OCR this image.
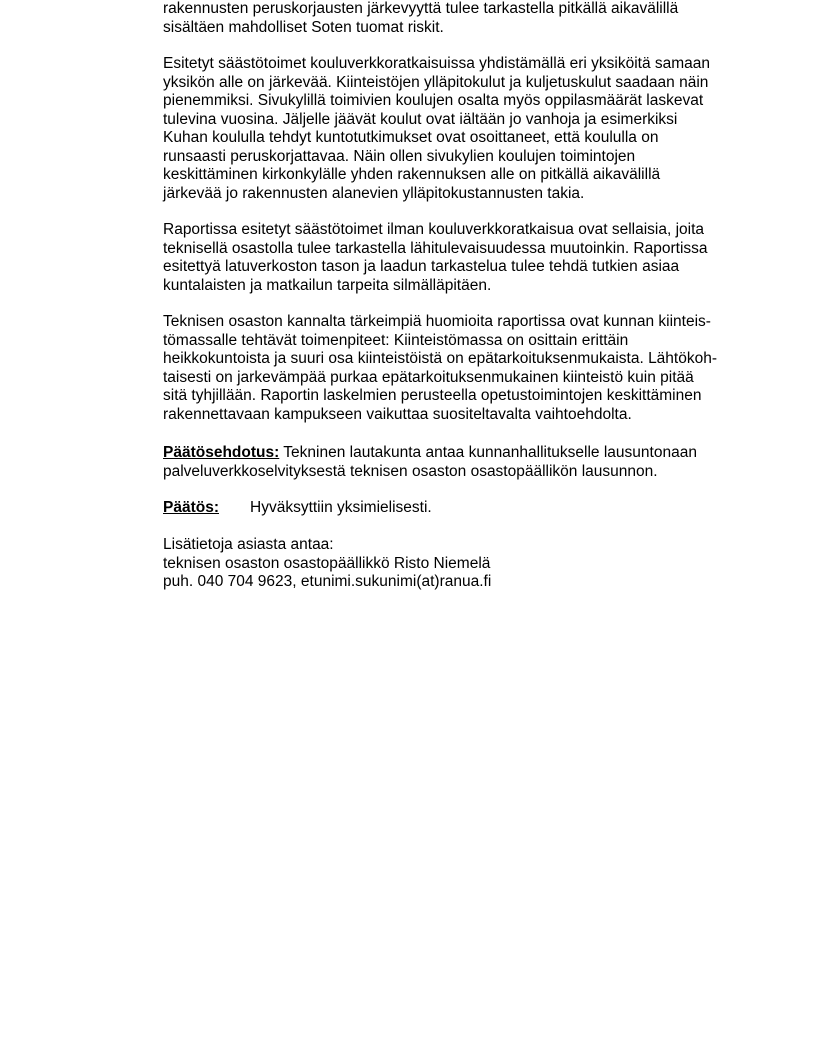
rakennusten peruskorjausten järkevyyttä tulee tarkastella pitkällä aikavälillä
sisältäen mahdolliset Soten tuomat riskit.
Esitetyt säästötoimet kouluverkkoratkaisuissa yhdistämällä eri yksiköitä samaan
yksikön alle on järkevää. Kiinteistöjen ylläpitokulut ja kuljetuskulut saadaan näin
pienemmiksi. Sivukylillä toimivien koulujen osalta myös oppilasmäärät laskevat
tulevina vuosina. Jäljelle jäävät koulut ovat iältään jo vanhoja ja esimerkiksi
Kuhan koululla tehdyt kuntotutkimukset ovat osoittaneet, että koululla on
runsaasti peruskorjattavaa. Näin ollen sivukylien koulujen toimintojen
keskittäminen kirkonkylälle yhden rakennuksen alle on pitkällä aikavälillä
järkevää jo rakennusten alanevien ylläpitokustannusten takia.
Raportissa esitetyt säästötoimet ilman kouluverkkoratkaisua ovat sellaisia, joita
teknisellä osastolla tulee tarkastella lähitulevaisuudessa muutoinkin. Raportissa
esitettyä latuverkoston tason ja laadun tarkastelua tulee tehdä tutkien asiaa
kuntalaisten ja matkailun tarpeita silmälläpitäen.
Teknisen osaston kannalta tärkeimpiä huomioita raportissa ovat kunnan kiinteis-
tömassalle tehtävät toimenpiteet: Kiinteistömassa on osittain erittäin
heikkokuntoista ja suuri osa kiinteistöistä on epätarkoituksenmukaista. Lähtökoh-
taisesti on jarkevämpää purkaa epätarkoituksenmukainen kiinteistö kuin pitää
sitä tyhjillään. Raportin laskelmien perusteella opetustoimintojen keskittäminen
rakennettavaan kampukseen vaikuttaa suositeltavalta vaihtoehdolta.
Päätösehdotus: Tekninen lautakunta antaa kunnanhallitukselle lausuntonaan
palveluverkkoselvityksestä teknisen osaston osastopäällikön lausunnon.
Päätös: Hyväksyttiin yksimielisesti.
Lisätietoja asiasta antaa:
teknisen osaston osastopäällikkö Risto Niemelä
puh. 040 704 9623, etunimi.sukunimi(at)ranua.fi
